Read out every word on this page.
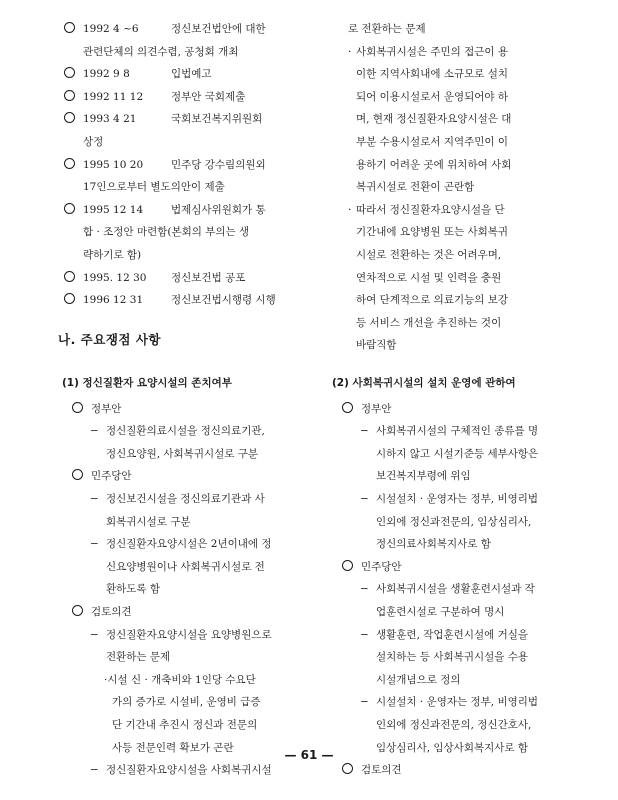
1992 4 ~6	정신보건법안에 대한
관련단체의 의견수렴, 공청회 개최
1992 9 8	입법예고
1992 11 12	정부안 국회제출
1993 4 21	국회보건복지위원회
상정
1995 10 20	민주당 강수림의원외
17인으로부터 별도의안이 제출
1995 12 14	법제심사위원회가 통
합 · 조정안 마련함(본회의 부의는 생
략하기로 함)
1995. 12 30 정신보건법 공포
1996 12 31	정신보건법시행령 시행
로 전환하는 문제
· 사회복귀시설은 주민의 접근이 용
이한 지역사회내에 소규모로 설치
되어 이용시설로서 운영되어야 하
며, 현재 정신질환자요양시설은 대
부분 수용시설로서 지역주민이 이
용하기 어려운 곳에 위치하여 사회
복귀시설로 전환이 곤란함
· 따라서 정신질환자요양시설을 단
기간내에 요양병원 또는 사회복귀
시설로 전환하는 것은 어려우며,
연차적으로 시설 및 인력을 충원
하여 단계적으로 의료기능의 보강
등 서비스 개선을 추진하는 것이
바람직함
나. 주요쟁점 사항
(1) 정신질환자 요양시설의 존치여부
정부안
− 정신질환의료시설을 정신의료기관,
정신요양원, 사회복귀시설로 구분
민주당안
− 정신보건시설을 정신의료기관과 사
회복귀시설로 구분
− 정신질환자요양시설은 2년이내에 정
신요양병원이나 사회복귀시설로 전
환하도록 함
검토의견
− 정신질환자요양시설을 요양병원으로
전환하는 문제
·시설 신 · 개축비와 1인당 수요단
가의 증가로 시설비, 운영비 급증
단 기간내 추진시 정신과 전문의
사등 전문인력 확보가 곤란
− 정신질환자요양시설을 사회복귀시설
(2) 사회복귀시설의 설치 운영에 관하여
정부안
− 사회복귀시설의 구체적인 종류를 명
시하지 않고 시설기준등 세부사항은
보건복지부령에 위임
− 시설설치 · 운영자는 정부, 비영리법
인외에 정신과전문의, 임상심리사,
정신의료사회복지사로 함
민주당안
− 사회복귀시설을 생활훈련시설과 작
업훈련시설로 구분하여 명시
− 생활훈련, 작업훈련시설에 거실을
설치하는 등 사회복귀시설을 수용
시설개념으로 정의
− 시설설치 · 운영자는 정부, 비영리법
인외에 정신과전문의, 정신간호사,
임상심리사, 임상사회복지사로 함
검토의견
— 61 —
